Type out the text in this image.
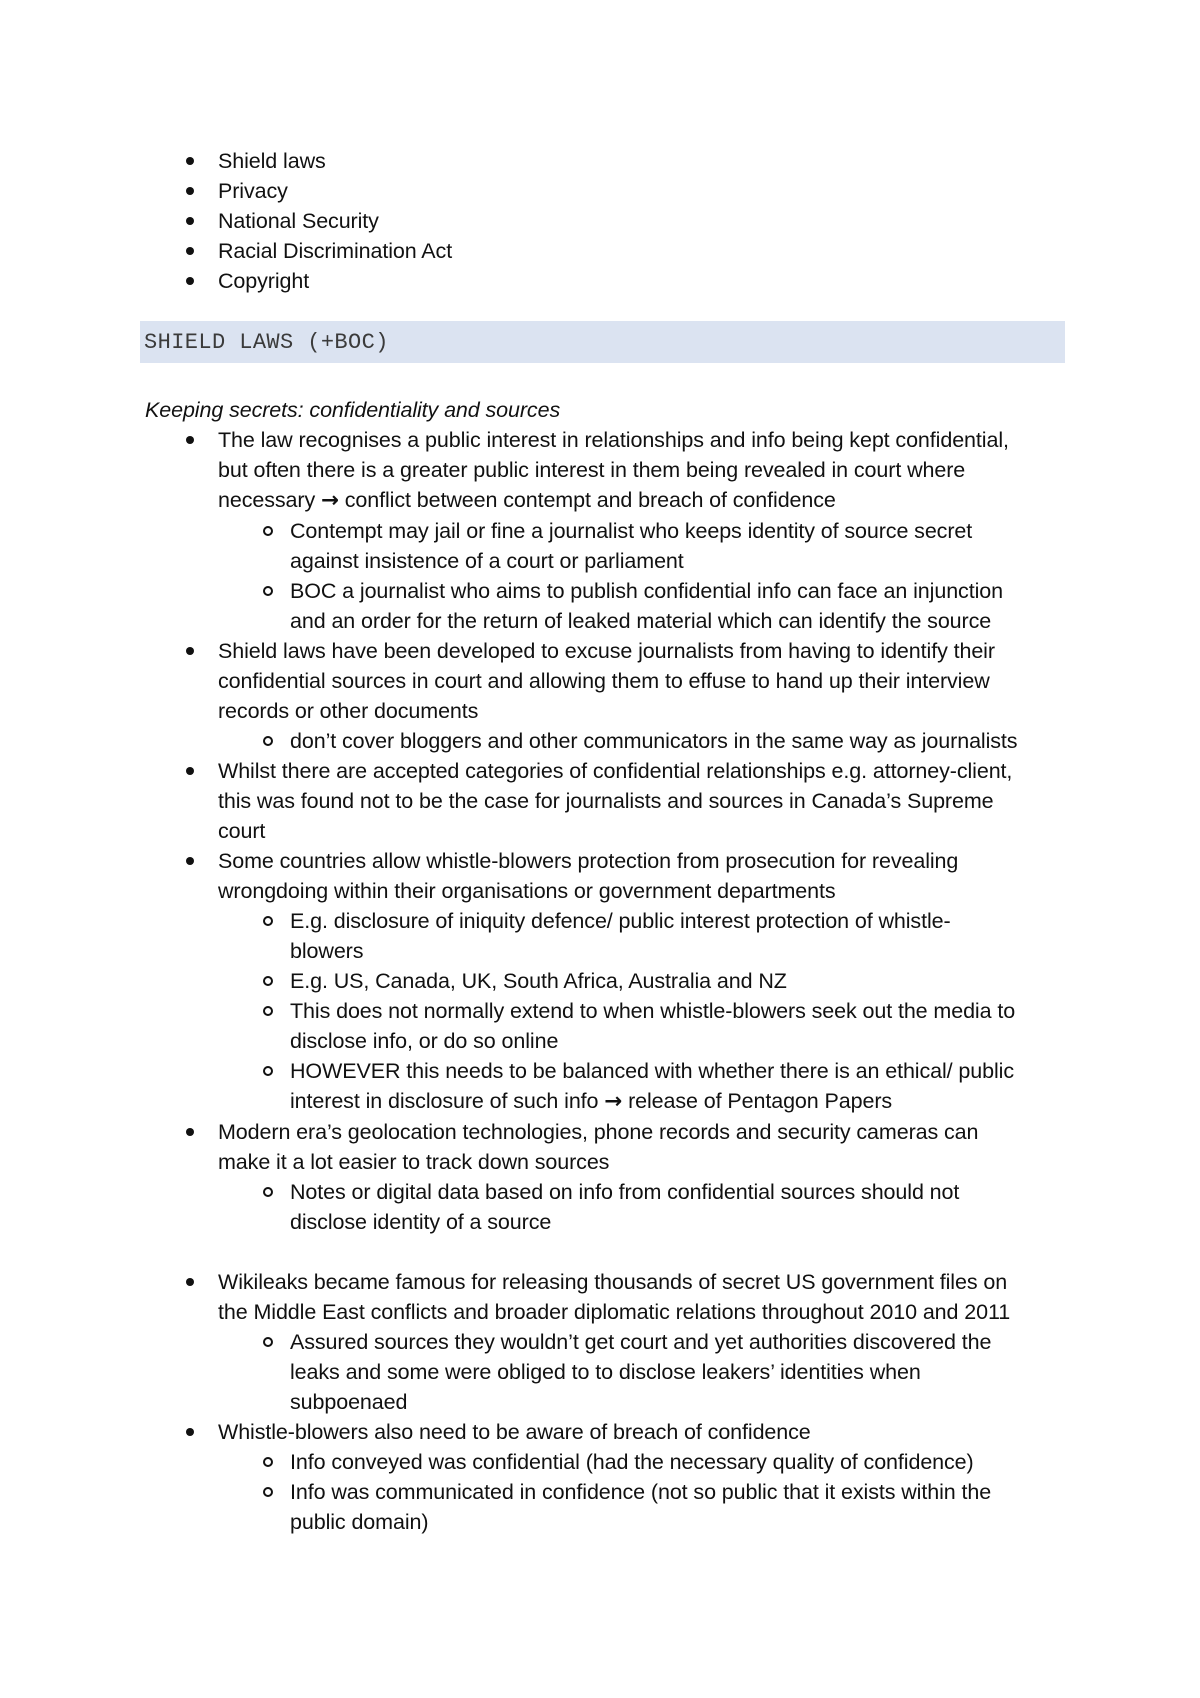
Shield laws
Privacy
National Security
Racial Discrimination Act
Copyright
SHIELD LAWS (+BOC)
Keeping secrets: confidentiality and sources
The law recognises a public interest in relationships and info being kept confidential,
but often there is a greater public interest in them being revealed in court where
necessary → conflict between contempt and breach of confidence
Contempt may jail or fine a journalist who keeps identity of source secret
against insistence of a court or parliament
BOC a journalist who aims to publish confidential info can face an injunction
and an order for the return of leaked material which can identify the source
Shield laws have been developed to excuse journalists from having to identify their
confidential sources in court and allowing them to effuse to hand up their interview
records or other documents
don’t cover bloggers and other communicators in the same way as journalists
Whilst there are accepted categories of confidential relationships e.g. attorney-client,
this was found not to be the case for journalists and sources in Canada’s Supreme
court
Some countries allow whistle-blowers protection from prosecution for revealing
wrongdoing within their organisations or government departments
E.g. disclosure of iniquity defence/ public interest protection of whistle-
blowers
E.g. US, Canada, UK, South Africa, Australia and NZ
This does not normally extend to when whistle-blowers seek out the media to
disclose info, or do so online
HOWEVER this needs to be balanced with whether there is an ethical/ public
interest in disclosure of such info → release of Pentagon Papers
Modern era’s geolocation technologies, phone records and security cameras can
make it a lot easier to track down sources
Notes or digital data based on info from confidential sources should not
disclose identity of a source
Wikileaks became famous for releasing thousands of secret US government files on
the Middle East conflicts and broader diplomatic relations throughout 2010 and 2011
Assured sources they wouldn’t get court and yet authorities discovered the
leaks and some were obliged to to disclose leakers’ identities when
subpoenaed
Whistle-blowers also need to be aware of breach of confidence
Info conveyed was confidential (had the necessary quality of confidence)
Info was communicated in confidence (not so public that it exists within the
public domain)
